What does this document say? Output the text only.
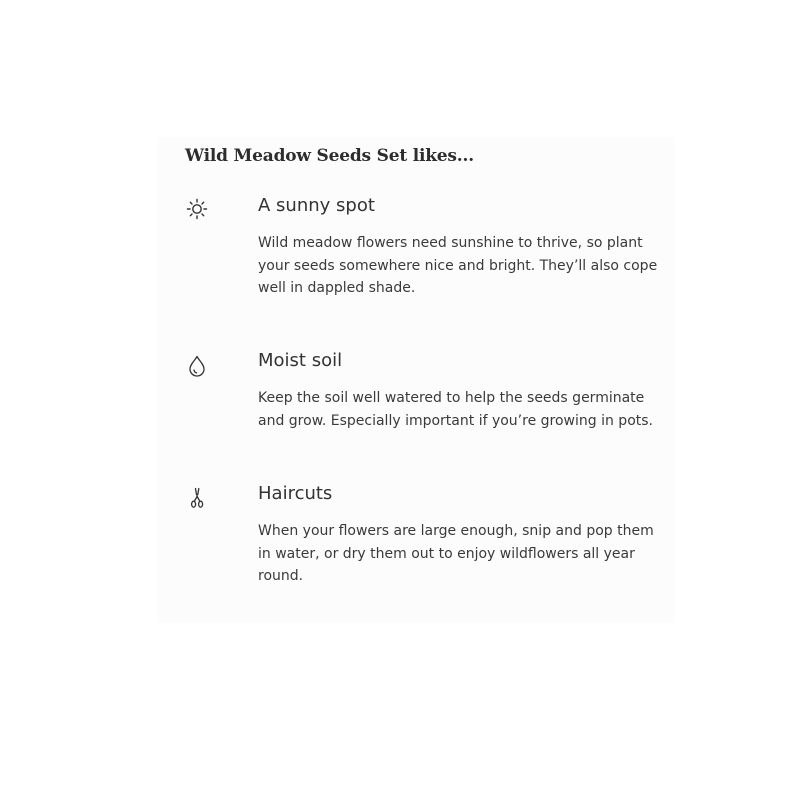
Wild Meadow Seeds Set likes...
A sunny spot

Wild meadow flowers need sunshine to thrive, so plant your seeds somewhere nice and bright. They’ll also cope well in dappled shade.

Moist soil

Keep the soil well watered to help the seeds germinate and grow. Especially important if you’re growing in pots.

Haircuts

When your flowers are large enough, snip and pop them in water, or dry them out to enjoy wildflowers all year round.
